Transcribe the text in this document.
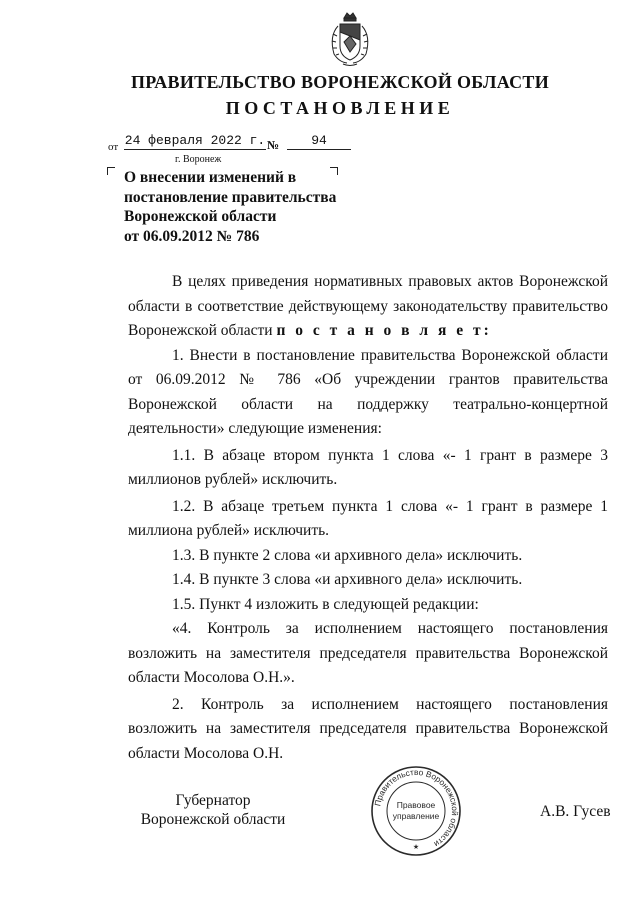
ПРАВИТЕЛЬСТВО ВОРОНЕЖСКОЙ ОБЛАСТИ
ПОСТАНОВЛЕНИЕ
от 24 февраля 2022 г. №	94
г. Воронеж
О внесении изменений в
постановление правительства
Воронежской области
от 06.09.2012 № 786

В целях приведения нормативных правовых актов Воронежской области в соответствие действующему законодательству правительство Воронежской области п о с т а н о в л я е т:

1. Внести в постановление правительства Воронежской области от 06.09.2012 № 786 «Об учреждении грантов правительства Воронежской области на поддержку театрально-концертной деятельности» следующие изменения:

1.1. В абзаце втором пункта 1 слова «- 1 грант в размере 3 миллионов рублей» исключить.

1.2. В абзаце третьем пункта 1 слова «- 1 грант в размере 1 миллиона рублей» исключить.

1.3. В пункте 2 слова «и архивного дела» исключить.

1.4. В пункте 3 слова «и архивного дела» исключить.

1.5. Пункт 4 изложить в следующей редакции:

«4. Контроль за исполнением настоящего постановления возложить на заместителя председателя правительства Воронежской области Мосолова О.Н.».

2. Контроль за исполнением настоящего постановления возложить на заместителя председателя правительства Воронежской области Мосолова О.Н.

Губернатор
Воронежской области	А.В. Гусев
Правительство Воронежской области
Правовое
управление
★
